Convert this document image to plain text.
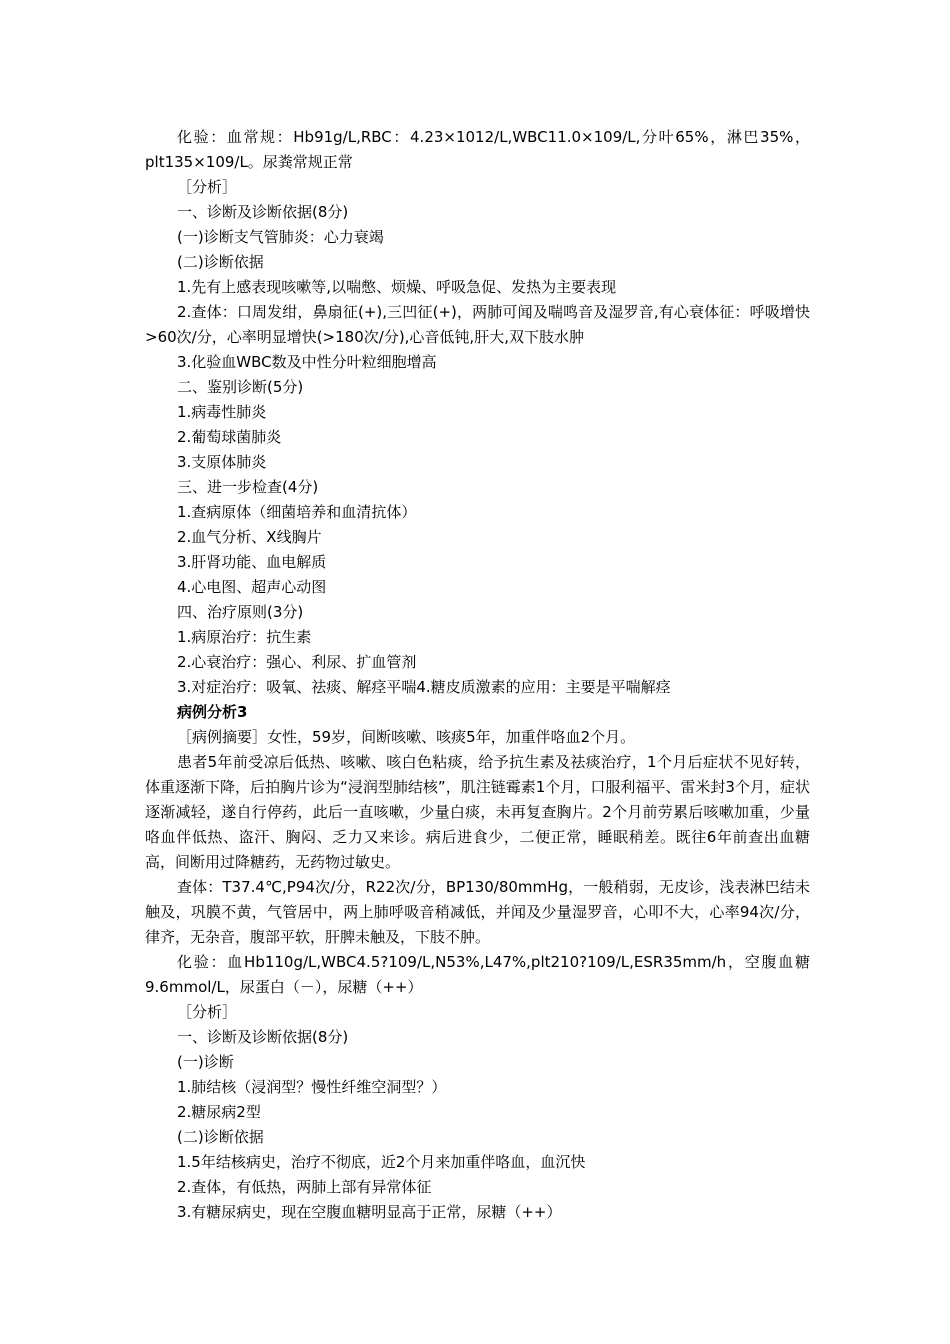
化验：血常规：Hb91g/L,RBC：4.23×1012/L,WBC11.0×109/L,分叶65%，淋巴35%，plt135×109/L。尿粪常规正常

［分析］

一、诊断及诊断依据(8分)

(一)诊断支气管肺炎：心力衰竭

(二)诊断依据

1.先有上感表现咳嗽等,以喘憋、烦燥、呼吸急促、发热为主要表现

2.查体：口周发绀，鼻扇征(+),三凹征(+)，两肺可闻及喘鸣音及湿罗音,有心衰体征：呼吸增快>60次/分，心率明显增快(>180次/分),心音低钝,肝大,双下肢水肿

3.化验血WBC数及中性分叶粒细胞增高

二、鉴别诊断(5分)

1.病毒性肺炎

2.葡萄球菌肺炎

3.支原体肺炎

三、进一步检查(4分)

1.查病原体（细菌培养和血清抗体）

2.血气分析、X线胸片

3.肝肾功能、血电解质

4.心电图、超声心动图

四、治疗原则(3分)

1.病原治疗：抗生素

2.心衰治疗：强心、利尿、扩血管剂

3.对症治疗：吸氧、祛痰、解痉平喘4.糖皮质激素的应用：主要是平喘解痉

病例分析3

［病例摘要］女性，59岁，间断咳嗽、咳痰5年，加重伴咯血2个月。

患者5年前受凉后低热、咳嗽、咳白色粘痰，给予抗生素及祛痰治疗，1个月后症状不见好转，体重逐渐下降，后拍胸片诊为“浸润型肺结核”，肌注链霉素1个月，口服利福平、雷米封3个月，症状逐渐减轻，遂自行停药，此后一直咳嗽，少量白痰，未再复查胸片。2个月前劳累后咳嗽加重，少量咯血伴低热、盗汗、胸闷、乏力又来诊。病后进食少，二便正常，睡眠稍差。既往6年前查出血糖高，间断用过降糖药，无药物过敏史。

查体：T37.4℃,P94次/分，R22次/分，BP130/80mmHg，一般稍弱，无皮诊，浅表淋巴结未触及，巩膜不黄，气管居中，两上肺呼吸音稍减低，并闻及少量湿罗音，心叩不大，心率94次/分，律齐，无杂音，腹部平软，肝脾未触及，下肢不肿。

化验：血Hb110g/L,WBC4.5?109/L,N53%,L47%,plt210?109/L,ESR35mm/h，空腹血糖9.6mmol/L，尿蛋白（－），尿糖（++）

［分析］

一、诊断及诊断依据(8分)

(一)诊断

1.肺结核（浸润型？慢性纤维空洞型？）

2.糖尿病2型

(二)诊断依据

1.5年结核病史，治疗不彻底，近2个月来加重伴咯血，血沉快

2.查体，有低热，两肺上部有异常体征

3.有糖尿病史，现在空腹血糖明显高于正常，尿糖（++）
